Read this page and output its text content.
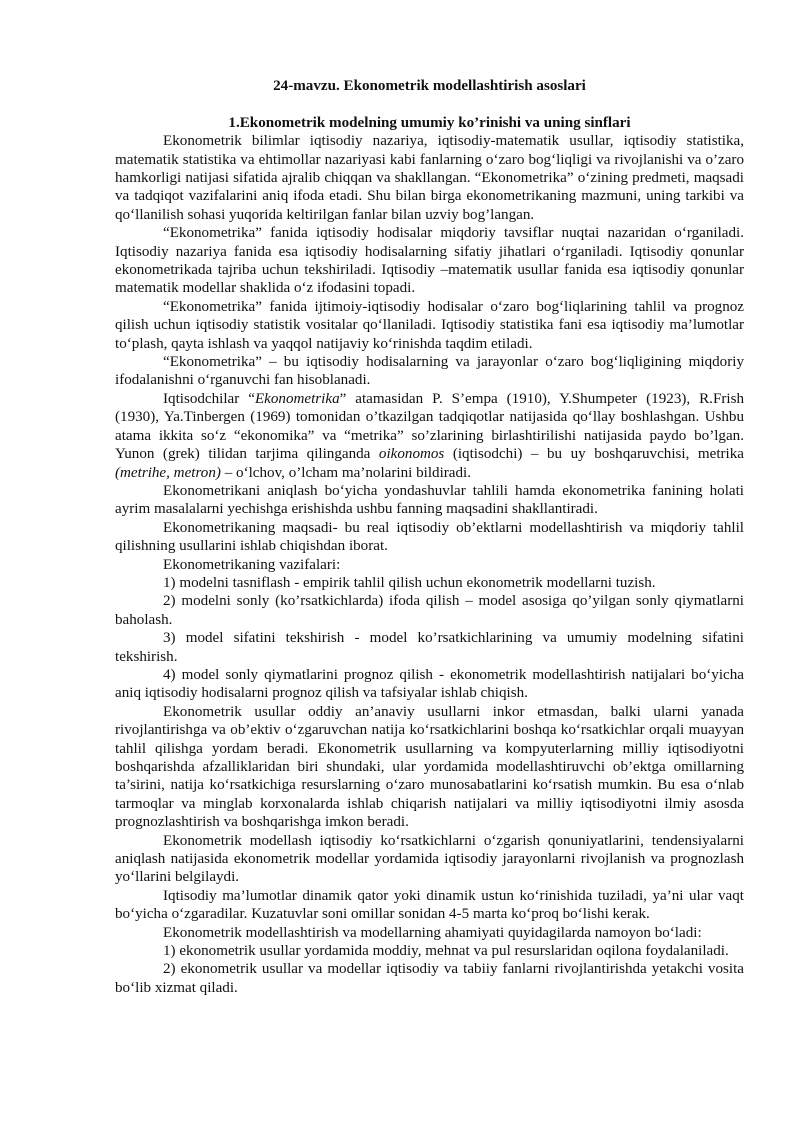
24-mavzu. Ekonometrik modellashtirish asoslari
1.Ekonometrik modelning umumiy ko’rinishi va uning sinflari

Ekonometrik bilimlar iqtisodiy nazariya, iqtisodiy-matematik usullar, iqtisodiy statistika, matematik statistika va ehtimollar nazariyasi kabi fanlarning o‘zaro bog‘liqligi va rivojlanishi va o’zaro hamkorligi natijasi sifatida ajralib chiqqan va shakllangan. “Ekonometrika” o‘zining predmeti, maqsadi va tadqiqot vazifalarini aniq ifoda etadi. Shu bilan birga ekonometrikaning mazmuni, uning tarkibi va qo‘llanilish sohasi yuqorida keltirilgan fanlar bilan uzviy bog’langan.

“Ekonometrika” fanida iqtisodiy hodisalar miqdoriy tavsiflar nuqtai nazaridan o‘rganiladi. Iqtisodiy nazariya fanida esa iqtisodiy hodisalarning sifatiy jihatlari o‘rganiladi. Iqtisodiy qonunlar ekonometrikada tajriba uchun tekshiriladi. Iqtisodiy –matematik usullar fanida esa iqtisodiy qonunlar matematik modellar shaklida o‘z ifodasini topadi.

“Ekonometrika” fanida ijtimoiy-iqtisodiy hodisalar o‘zaro bog‘liqlarining tahlil va prognoz qilish uchun iqtisodiy statistik vositalar qo‘llaniladi. Iqtisodiy statistika fani esa iqtisodiy ma’lumotlar to‘plash, qayta ishlash va yaqqol natijaviy ko‘rinishda taqdim etiladi.

“Ekonometrika” – bu iqtisodiy hodisalarning va jarayonlar o‘zaro bog‘liqligining miqdoriy ifodalanishni o‘rganuvchi fan hisoblanadi.

Iqtisodchilar “Ekonometrika” atamasidan P. S’empa (1910), Y.Shumpeter (1923), R.Frish (1930), Ya.Tinbergen (1969) tomonidan o’tkazilgan tadqiqotlar natijasida qo‘llay boshlashgan. Ushbu atama ikkita so‘z “ekonomika” va “metrika” so’zlarining birlashtirilishi natijasida paydo bo’lgan. Yunon (grek) tilidan tarjima qilinganda oikonomos (iqtisodchi) – bu uy boshqaruvchisi, metrika (metrihe, metron) – o‘lchov, o’lcham ma’nolarini bildiradi.

Ekonometrikani aniqlash bo‘yicha yondashuvlar tahlili hamda ekonometrika fanining holati ayrim masalalarni yechishga erishishda ushbu fanning maqsadini shakllantiradi.

Ekonometrikaning maqsadi- bu real iqtisodiy ob’ektlarni modellashtirish va miqdoriy tahlil qilishning usullarini ishlab chiqishdan iborat.

Ekonometrikaning vazifalari:

1) modelni tasniflash - empirik tahlil qilish uchun ekonometrik modellarni tuzish.

2) modelni sonly (ko’rsatkichlarda) ifoda qilish – model asosiga qo’yilgan sonly qiymatlarni baholash.

3) model sifatini tekshirish - model ko’rsatkichlarining va umumiy modelning sifatini tekshirish.

4) model sonly qiymatlarini prognoz qilish - ekonometrik modellashtirish natijalari bo‘yicha aniq iqtisodiy hodisalarni prognoz qilish va tafsiyalar ishlab chiqish.

Ekonometrik usullar oddiy an’anaviy usullarni inkor etmasdan, balki ularni yanada rivojlantirishga va ob’ektiv o‘zgaruvchan natija ko‘rsatkichlarini boshqa ko‘rsatkichlar orqali muayyan tahlil qilishga yordam beradi. Ekonometrik usullarning va kompyuterlarning milliy iqtisodiyotni boshqarishda afzalliklaridan biri shundaki, ular yordamida modellashtiruvchi ob’ektga omillarning ta’sirini, natija ko‘rsatkichiga resurslarning o‘zaro munosabatlarini ko‘rsatish mumkin. Bu esa o‘nlab tarmoqlar va minglab korxonalarda ishlab chiqarish natijalari va milliy iqtisodiyotni ilmiy asosda prognozlashtirish va boshqarishga imkon beradi.

Ekonometrik modellash iqtisodiy ko‘rsatkichlarni o‘zgarish qonuniyatlarini, tendensiyalarni aniqlash natijasida ekonometrik modellar yordamida iqtisodiy jarayonlarni rivojlanish va prognozlash yo‘llarini belgilaydi.

Iqtisodiy ma’lumotlar dinamik qator yoki dinamik ustun ko‘rinishida tuziladi, ya’ni ular vaqt bo‘yicha o‘zgaradilar. Kuzatuvlar soni omillar sonidan 4-5 marta ko‘proq bo‘lishi kerak.

Ekonometrik modellashtirish va modellarning ahamiyati quyidagilarda namoyon bo‘ladi:

1) ekonometrik usullar yordamida moddiy, mehnat va pul resurslaridan oqilona foydalaniladi.

2) ekonometrik usullar va modellar iqtisodiy va tabiiy fanlarni rivojlantirishda yetakchi vosita bo‘lib xizmat qiladi.
